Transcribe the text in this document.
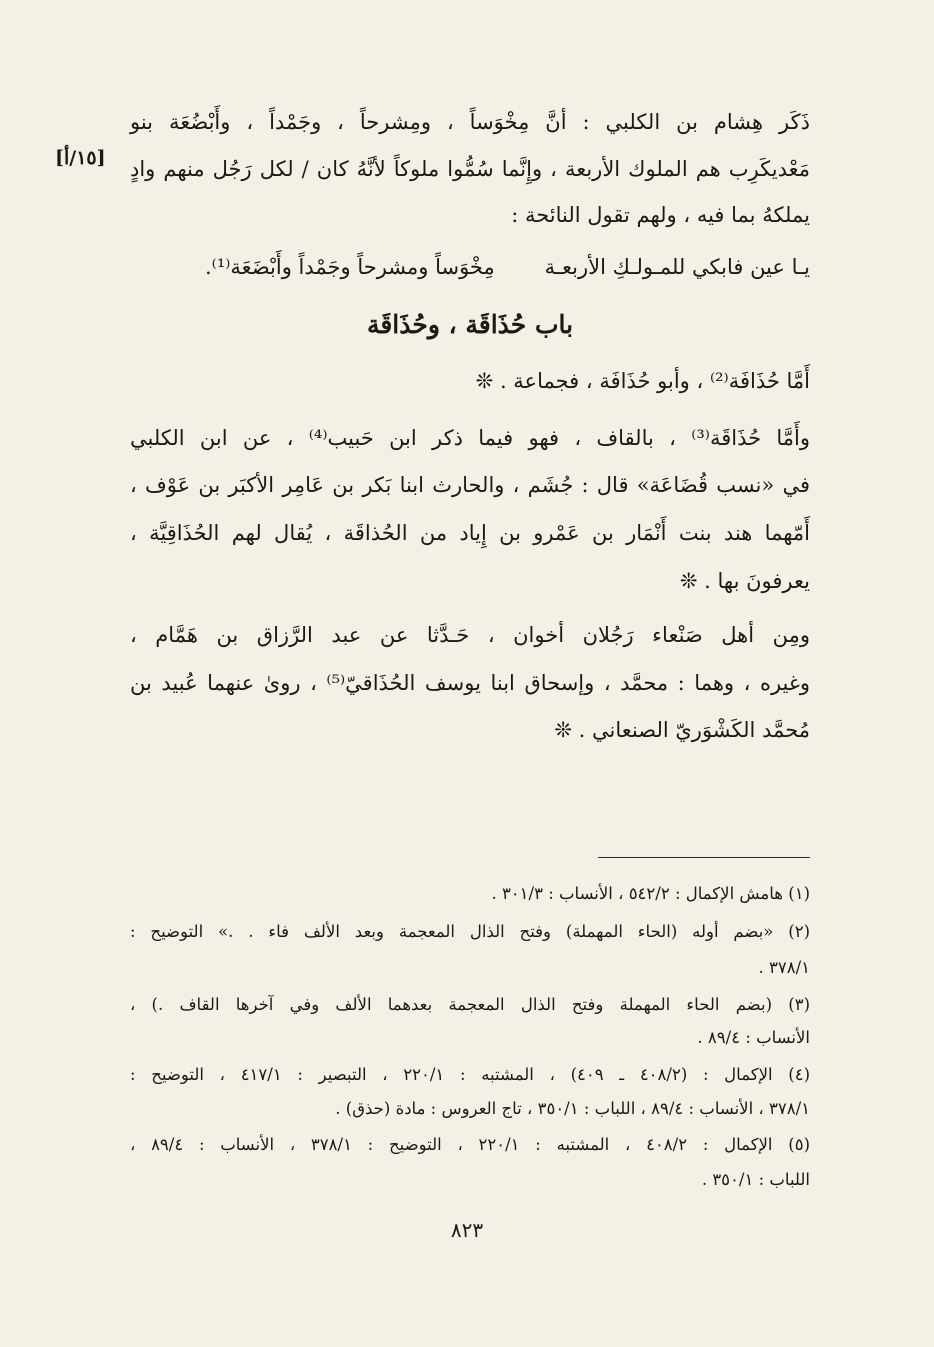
[١٥/أ]
ذَكَر هِشام بن الكلبي : أنَّ مِخْوَساً ، ومِشرحاً ، وجَمْداً ، وأَبْضُعَة بنو
مَعْديكَرِب هم الملوك الأربعة ، وإِنَّما سُمُّوا ملوكاً لأنَّهُ كان / لكل رَجُل منهم وادٍ
يملكهُ بما فيه ، ولهم تقول النائحة :
يـا عين فابكي للمـولـكِ الأربعـة
مِخْوَساً ومشرحاً وجَمْداً وأَبْضَعَة⁽¹⁾.
باب حُذَاقَة ، وحُذَاقَة
أَمَّا حُذَافَة⁽²⁾ ، وأبو حُذَافَة ، فجماعة . ❊
وأَمَّا حُذَاقَة⁽³⁾ ، بالقاف ، فهو فيما ذكر ابن حَبيب⁽⁴⁾ ، عن ابن الكلبي
في «نسب قُضَاعَة» قال : جُشَم ، والحارث ابنا بَكر بن عَامِر الأكبَر بن عَوْف ،
أَمّهما هند بنت أَنْمَار بن عَمْرو بن إِياد من الحُذاقَة ، يُقال لهم الحُذَاقِيَّة ،
يعرفونَ بها . ❊
ومِن أهل صَنْعاء رَجُلان أخوان ، حَـدَّثا عن عبد الرَّزاق بن هَمَّام ،
وغيره ، وهما : محمَّد ، وإسحاق ابنا يوسف الحُذَاقيّ⁽⁵⁾ ، روىٰ عنهما عُبيد بن
مُحمَّد الكَشْوَريّ الصنعاني . ❊
(١) هامش الإكمال : ٥٤٢/٢ ، الأنساب : ٣٠١/٣ .
(٢) «بضم أوله (الحاء المهملة) وفتح الذال المعجمة وبعد الألف فاء . .» التوضيح :
٣٧٨/١ .
(٣) (بضم الحاء المهملة وفتح الذال المعجمة بعدهما الألف وفي آخرها القاف .) ،
الأنساب : ٨٩/٤ .
(٤) الإكمال : (٤٠٨/٢ ـ ٤٠٩) ، المشتبه : ٢٢٠/١ ، التبصير : ٤١٧/١ ، التوضيح :
٣٧٨/١ ، الأنساب : ٨٩/٤ ، اللباب : ٣٥٠/١ ، تاج العروس : مادة (حذق) .
(٥) الإكمال : ٤٠٨/٢ ، المشتبه : ٢٢٠/١ ، التوضيح : ٣٧٨/١ ، الأنساب : ٨٩/٤ ،
اللباب : ٣٥٠/١ .
٨٢٣
